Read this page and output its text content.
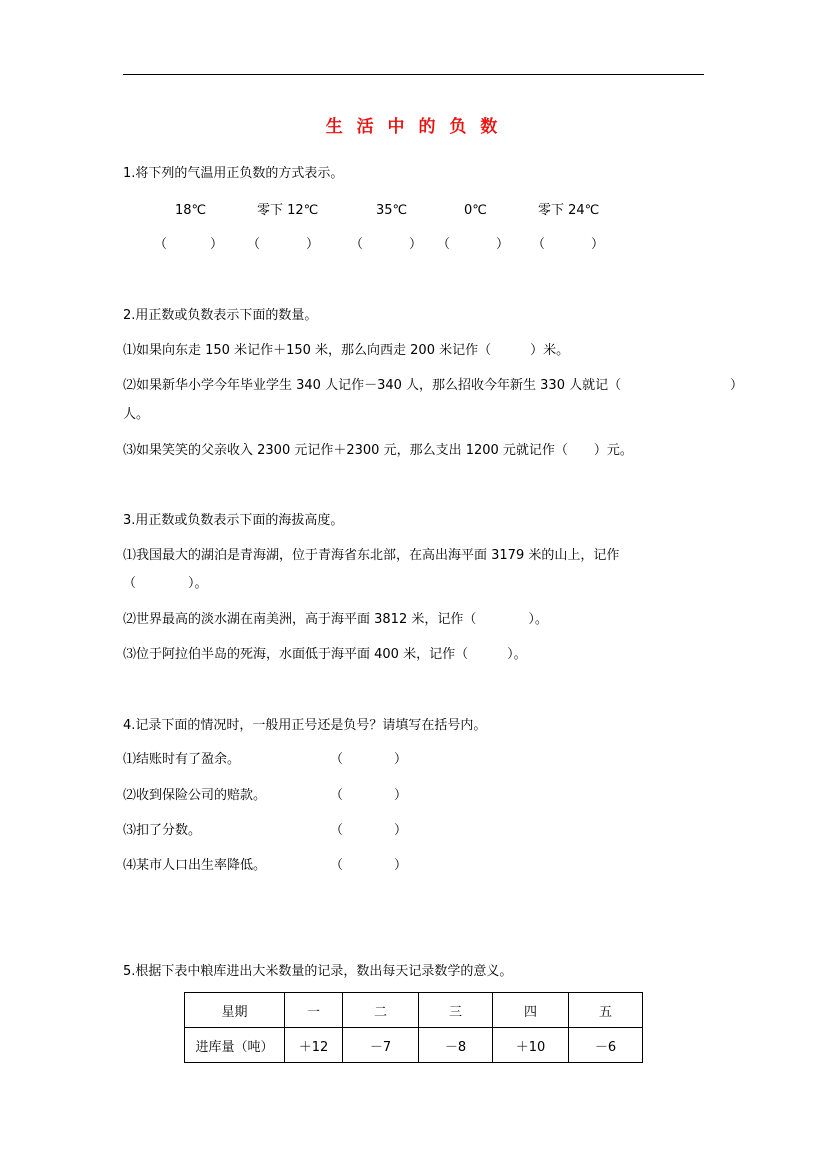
生 活 中 的 负 数
1.将下列的气温用正负数的方式表示。
18℃	零下 12℃	35℃	0℃	零下 24℃
（	） （	） （	） （	） （	）
2.用正数或负数表示下面的数量。
⑴如果向东走 150 米记作＋150 米，那么向西走 200 米记作（　　　）米。
⑵如果新华小学今年毕业学生 340 人记作－340 人，那么招收今年新生 330 人就记（	）
人。
⑶如果笑笑的父亲收入 2300 元记作＋2300 元，那么支出 1200 元就记作（　　）元。
3.用正数或负数表示下面的海拔高度。
⑴我国最大的湖泊是青海湖，位于青海省东北部，在高出海平面 3179 米的山上，记作
（　　　　）。
⑵世界最高的淡水湖在南美洲，高于海平面 3812 米，记作（　　　　）。
⑶位于阿拉伯半岛的死海，水面低于海平面 400 米，记作（　　　）。
4.记录下面的情况时，一般用正号还是负号？请填写在括号内。
⑴结账时有了盈余。	（	）
⑵收到保险公司的赔款。	（	）
⑶扣了分数。	（	）
⑷某市人口出生率降低。	（	）
5.根据下表中粮库进出大米数量的记录，数出每天记录数学的意义。
星期	一	二	三	四	五
进库量（吨）	＋12	－7	－8	＋10	－6
